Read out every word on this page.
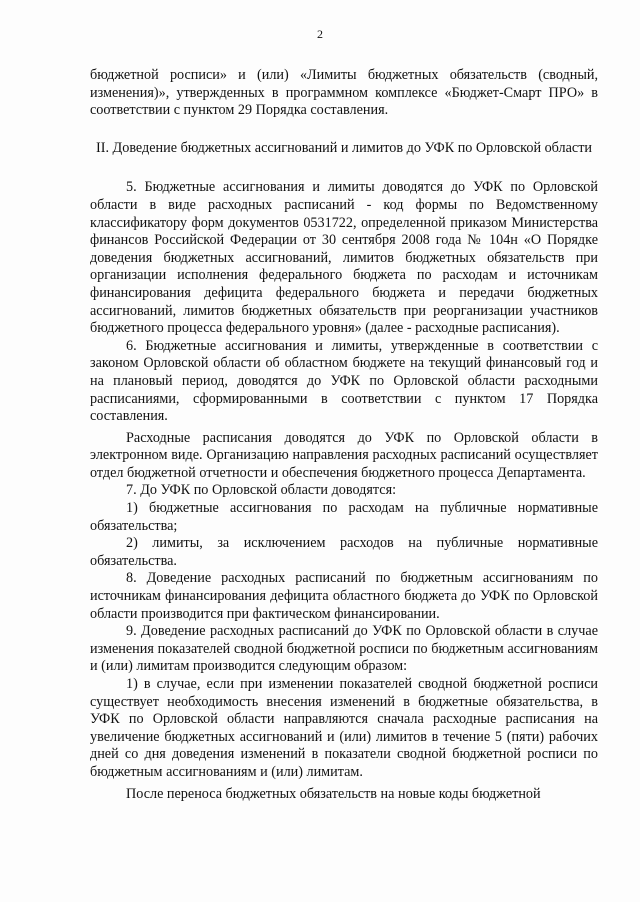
2

бюджетной росписи» и (или) «Лимиты бюджетных обязательств (сводный, изменения)», утвержденных в программном комплексе «Бюджет-Смарт ПРО» в соответствии с пунктом 29 Порядка составления.

II. Доведение бюджетных ассигнований и лимитов до УФК по Орловской области

5. Бюджетные ассигнования и лимиты доводятся до УФК по Орловской области в виде расходных расписаний - код формы по Ведомственному классификатору форм документов 0531722, определенной приказом Министерства финансов Российской Федерации от 30 сентября 2008 года № 104н «О Порядке доведения бюджетных ассигнований, лимитов бюджетных обязательств при организации исполнения федерального бюджета по расходам и источникам финансирования дефицита федерального бюджета и передачи бюджетных ассигнований, лимитов бюджетных обязательств при реорганизации участников бюджетного процесса федерального уровня» (далее - расходные расписания).

6. Бюджетные ассигнования и лимиты, утвержденные в соответствии с законом Орловской области об областном бюджете на текущий финансовый год и на плановый период, доводятся до УФК по Орловской области расходными расписаниями, сформированными в соответствии с пунктом 17 Порядка составления.

Расходные расписания доводятся до УФК по Орловской области в электронном виде. Организацию направления расходных расписаний осуществляет отдел бюджетной отчетности и обеспечения бюджетного процесса Департамента.

7. До УФК по Орловской области доводятся:

1) бюджетные ассигнования по расходам на публичные нормативные обязательства;

2) лимиты, за исключением расходов на публичные нормативные обязательства.

8. Доведение расходных расписаний по бюджетным ассигнованиям по источникам финансирования дефицита областного бюджета до УФК по Орловской области производится при фактическом финансировании.

9. Доведение расходных расписаний до УФК по Орловской области в случае изменения показателей сводной бюджетной росписи по бюджетным ассигнованиям и (или) лимитам производится следующим образом:

1) в случае, если при изменении показателей сводной бюджетной росписи существует необходимость внесения изменений в бюджетные обязательства, в УФК по Орловской области направляются сначала расходные расписания на увеличение бюджетных ассигнований и (или) лимитов в течение 5 (пяти) рабочих дней со дня доведения изменений в показатели сводной бюджетной росписи по бюджетным ассигнованиям и (или) лимитам.

После переноса бюджетных обязательств на новые коды бюджетной
